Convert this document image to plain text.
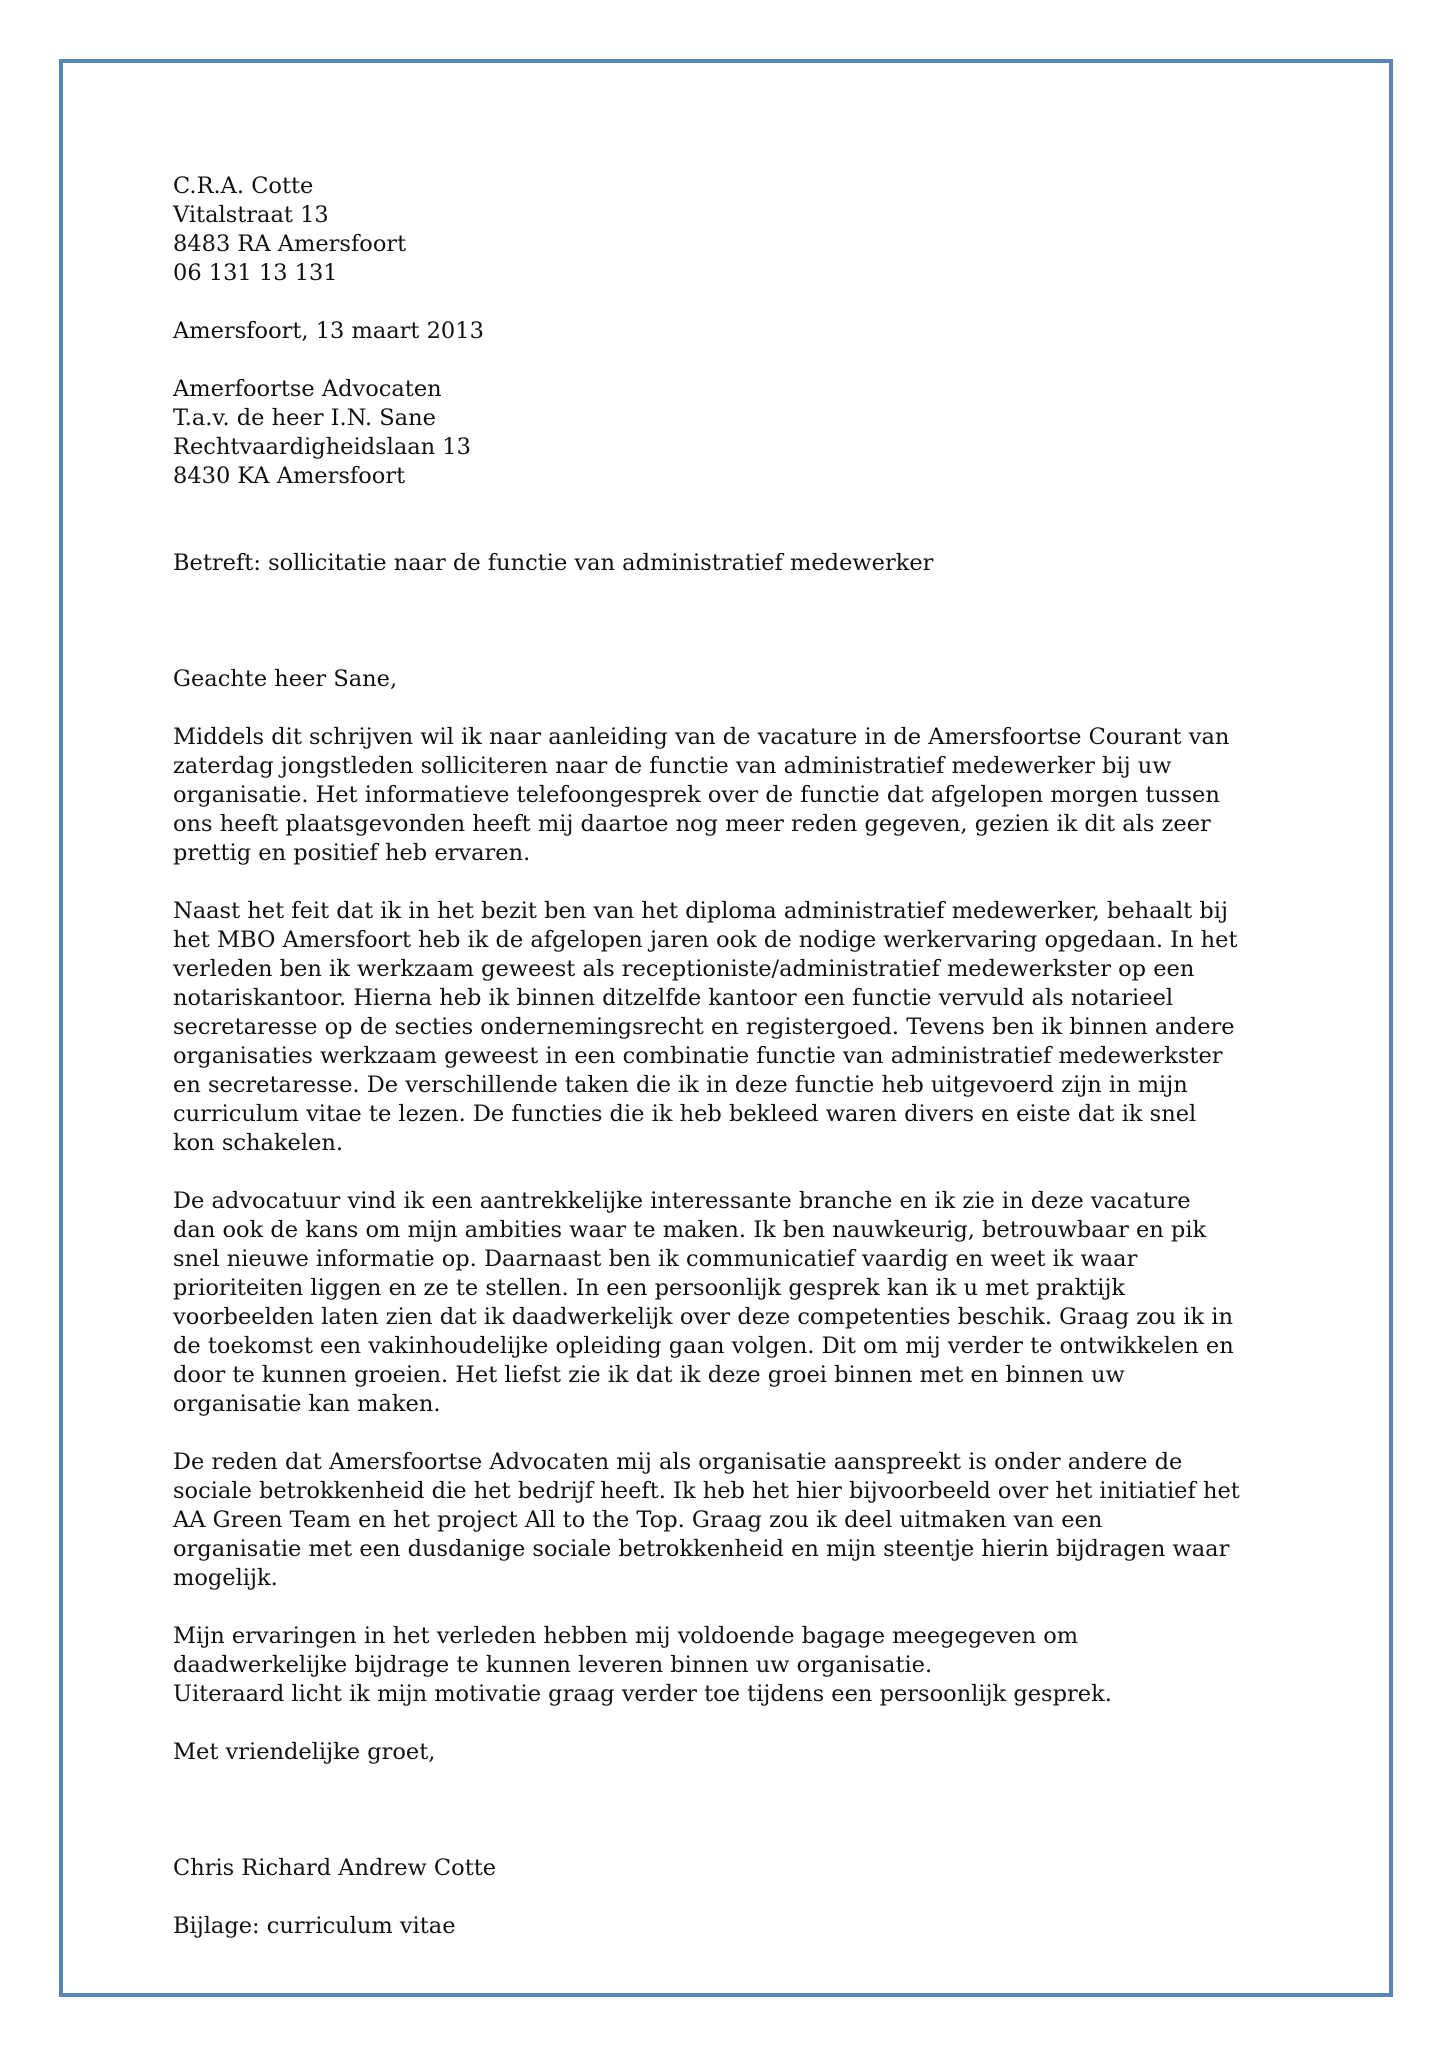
C.R.A. Cotte
Vitalstraat 13
8483 RA Amersfoort
06 131 13 131
Amersfoort, 13 maart 2013
Amerfoortse Advocaten
T.a.v. de heer I.N. Sane
Rechtvaardigheidslaan 13
8430 KA Amersfoort
Betreft: sollicitatie naar de functie van administratief medewerker
Geachte heer Sane,
Middels dit schrijven wil ik naar aanleiding van de vacature in de Amersfoortse Courant van
zaterdag jongstleden solliciteren naar de functie van administratief medewerker bij uw
organisatie. Het informatieve telefoongesprek over de functie dat afgelopen morgen tussen
ons heeft plaatsgevonden heeft mij daartoe nog meer reden gegeven, gezien ik dit als zeer
prettig en positief heb ervaren.
Naast het feit dat ik in het bezit ben van het diploma administratief medewerker, behaalt bij
het MBO Amersfoort heb ik de afgelopen jaren ook de nodige werkervaring opgedaan. In het
verleden ben ik werkzaam geweest als receptioniste/administratief medewerkster op een
notariskantoor. Hierna heb ik binnen ditzelfde kantoor een functie vervuld als notarieel
secretaresse op de secties ondernemingsrecht en registergoed. Tevens ben ik binnen andere
organisaties werkzaam geweest in een combinatie functie van administratief medewerkster
en secretaresse. De verschillende taken die ik in deze functie heb uitgevoerd zijn in mijn
curriculum vitae te lezen. De functies die ik heb bekleed waren divers en eiste dat ik snel
kon schakelen.
De advocatuur vind ik een aantrekkelijke interessante branche en ik zie in deze vacature
dan ook de kans om mijn ambities waar te maken. Ik ben nauwkeurig, betrouwbaar en pik
snel nieuwe informatie op. Daarnaast ben ik communicatief vaardig en weet ik waar
prioriteiten liggen en ze te stellen. In een persoonlijk gesprek kan ik u met praktijk
voorbeelden laten zien dat ik daadwerkelijk over deze competenties beschik. Graag zou ik in
de toekomst een vakinhoudelijke opleiding gaan volgen. Dit om mij verder te ontwikkelen en
door te kunnen groeien. Het liefst zie ik dat ik deze groei binnen met en binnen uw
organisatie kan maken.
De reden dat Amersfoortse Advocaten mij als organisatie aanspreekt is onder andere de
sociale betrokkenheid die het bedrijf heeft. Ik heb het hier bijvoorbeeld over het initiatief het
AA Green Team en het project All to the Top. Graag zou ik deel uitmaken van een
organisatie met een dusdanige sociale betrokkenheid en mijn steentje hierin bijdragen waar
mogelijk.
Mijn ervaringen in het verleden hebben mij voldoende bagage meegegeven om
daadwerkelijke bijdrage te kunnen leveren binnen uw organisatie.
Uiteraard licht ik mijn motivatie graag verder toe tijdens een persoonlijk gesprek.
Met vriendelijke groet,
Chris Richard Andrew Cotte
Bijlage: curriculum vitae
